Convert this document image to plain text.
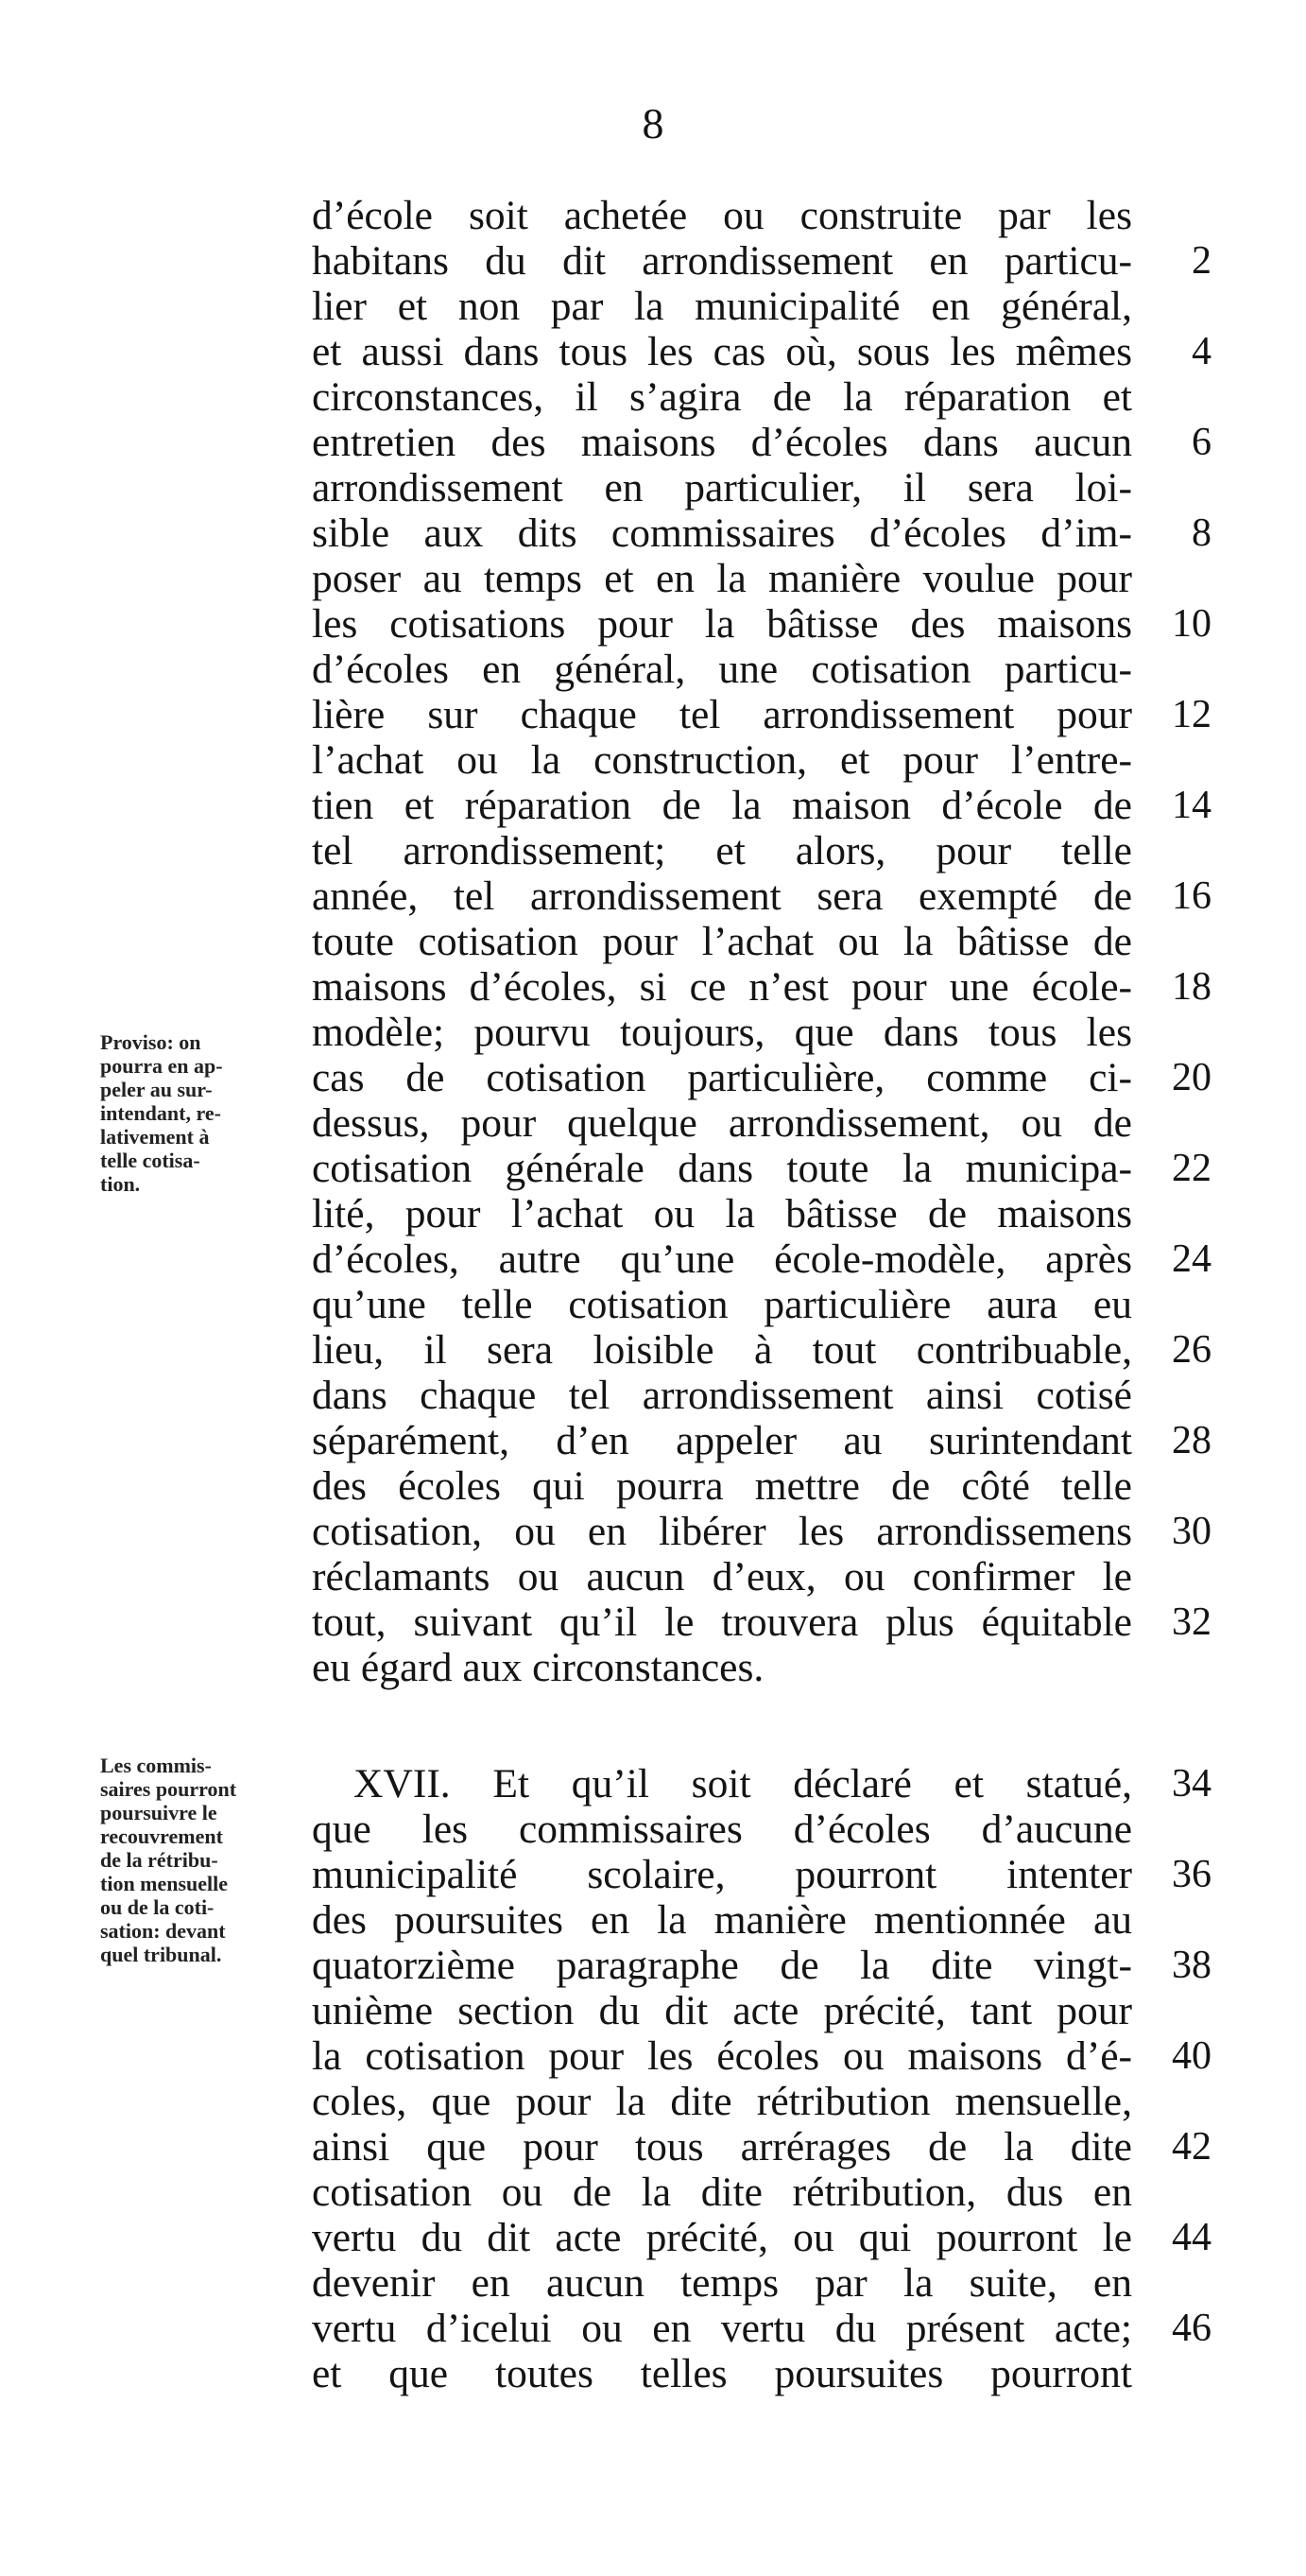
8
Proviso: on
pourra en ap-
peler au sur-
intendant, re-
lativement à
telle cotisa-
tion.
Les commis-
saires pourront
poursuivre le
recouvrement
de la rétribu-
tion mensuelle
ou de la coti-
sation: devant
quel tribunal.
d’école soit achetée ou construite par les
habitans du dit arrondissement en particu-
lier et non par la municipalité en général,
et aussi dans tous les cas où, sous les mêmes
circonstances, il s’agira de la réparation et
entretien des maisons d’écoles dans aucun
arrondissement en particulier, il sera loi-
sible aux dits commissaires d’écoles d’im-
poser au temps et en la manière voulue pour
les cotisations pour la bâtisse des maisons
d’écoles en général, une cotisation particu-
lière sur chaque tel arrondissement pour
l’achat ou la construction, et pour l’entre-
tien et réparation de la maison d’école de
tel arrondissement; et alors, pour telle
année, tel arrondissement sera exempté de
toute cotisation pour l’achat ou la bâtisse de
maisons d’écoles, si ce n’est pour une école-
modèle; pourvu toujours, que dans tous les
cas de cotisation particulière, comme ci-
dessus, pour quelque arrondissement, ou de
cotisation générale dans toute la municipa-
lité, pour l’achat ou la bâtisse de maisons
d’écoles, autre qu’une école-modèle, après
qu’une telle cotisation particulière aura eu
lieu, il sera loisible à tout contribuable,
dans chaque tel arrondissement ainsi cotisé
séparément, d’en appeler au surintendant
des écoles qui pourra mettre de côté telle
cotisation, ou en libérer les arrondissemens
réclamants ou aucun d’eux, ou confirmer le
tout, suivant qu’il le trouvera plus équitable
eu égard aux circonstances.
2
4
6
8
10
12
14
16
18
20
22
24
26
28
30
32
XVII. Et qu’il soit déclaré et statué,
que les commissaires d’écoles d’aucune
municipalité scolaire, pourront intenter
des poursuites en la manière mentionnée au
quatorzième paragraphe de la dite vingt-
unième section du dit acte précité, tant pour
la cotisation pour les écoles ou maisons d’é-
coles, que pour la dite rétribution mensuelle,
ainsi que pour tous arrérages de la dite
cotisation ou de la dite rétribution, dus en
vertu du dit acte précité, ou qui pourront le
devenir en aucun temps par la suite, en
vertu d’icelui ou en vertu du présent acte;
et que toutes telles poursuites pourront
34
36
38
40
42
44
46
